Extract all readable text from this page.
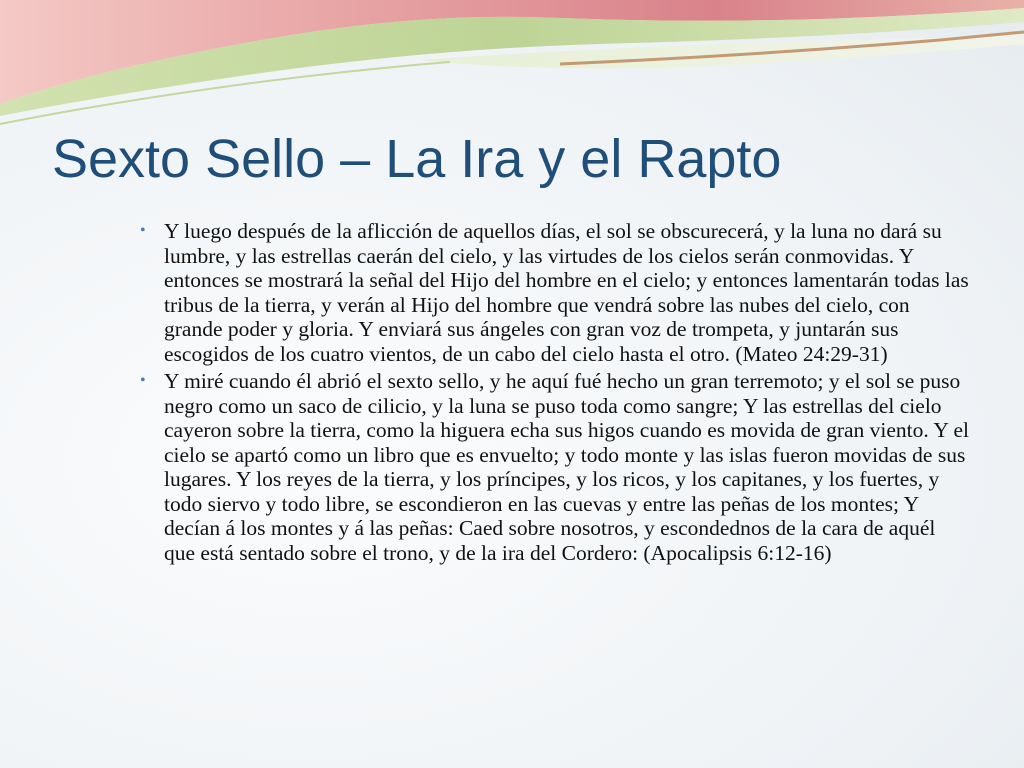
Sexto Sello – La Ira y el Rapto
• Y luego después de la aflicción de aquellos días, el sol se obscurecerá, y la luna no dará su lumbre, y las estrellas caerán del cielo, y las virtudes de los cielos serán conmovidas. Y entonces se mostrará la señal del Hijo del hombre en el cielo; y entonces lamentarán todas las tribus de la tierra, y verán al Hijo del hombre que vendrá sobre las nubes del cielo, con grande poder y gloria. Y enviará sus ángeles con gran voz de trompeta, y juntarán sus escogidos de los cuatro vientos, de un cabo del cielo hasta el otro. (Mateo 24:29-31)
• Y miré cuando él abrió el sexto sello, y he aquí fué hecho un gran terremoto; y el sol se puso negro como un saco de cilicio, y la luna se puso toda como sangre; Y las estrellas del cielo cayeron sobre la tierra, como la higuera echa sus higos cuando es movida de gran viento. Y el cielo se apartó como un libro que es envuelto; y todo monte y las islas fueron movidas de sus lugares. Y los reyes de la tierra, y los príncipes, y los ricos, y los capitanes, y los fuertes, y todo siervo y todo libre, se escondieron en las cuevas y entre las peñas de los montes; Y decían á los montes y á las peñas: Caed sobre nosotros, y escondednos de la cara de aquél que está sentado sobre el trono, y de la ira del Cordero: (Apocalipsis 6:12-16)
